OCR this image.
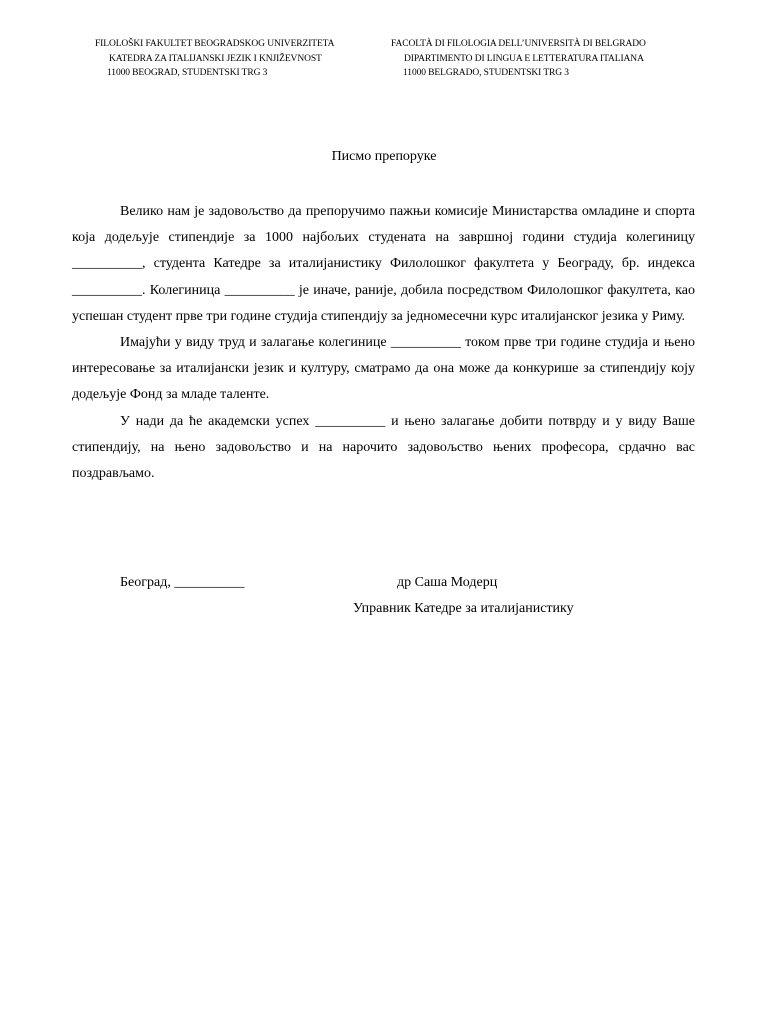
FILOLOŠKI FAKULTET BEOGRADSKOG UNIVERZITETA
KATEDRA ZA ITALIJANSKI JEZIK I KNJIŽEVNOST
11000 BEOGRAD, STUDENTSKI TRG 3
FACOLTÀ DI FILOLOGIA DELL’UNIVERSITÀ DI BELGRADO
DIPARTIMENTO DI LINGUA E LETTERATURA ITALIANA
11000 BELGRADO, STUDENTSKI TRG 3
Писмо препоруке

Велико нам је задовољство да препоручимо пажњи комисије Министарства омладине и спорта која додељује стипендије за 1000 најбољих студената на завршној години студија колегиницу __________, студента Катедре за италијанистику Филолошког факултета у Београду, бр. индекса __________. Колегиница __________ је иначе, раније, добила посредством Филолошког факултета, као успешан студент прве три године студија стипендију за једномесечни курс италијанског језика у Риму.

Имајући у виду труд и залагање колегинице __________ током прве три године студија и њено интересовање за италијански језик и културу, сматрамо да она може да конкурише за стипендију коју додељује Фонд за младе таленте.

У нади да ће академски успех __________ и њено залагање добити потврду и у виду Ваше стипендију, на њено задовољство и на нарочито задовољство њених професора, срдачно вас поздрављамо.

Београд, __________	др Саша Модерц
Управник Катедре за италијанистику
